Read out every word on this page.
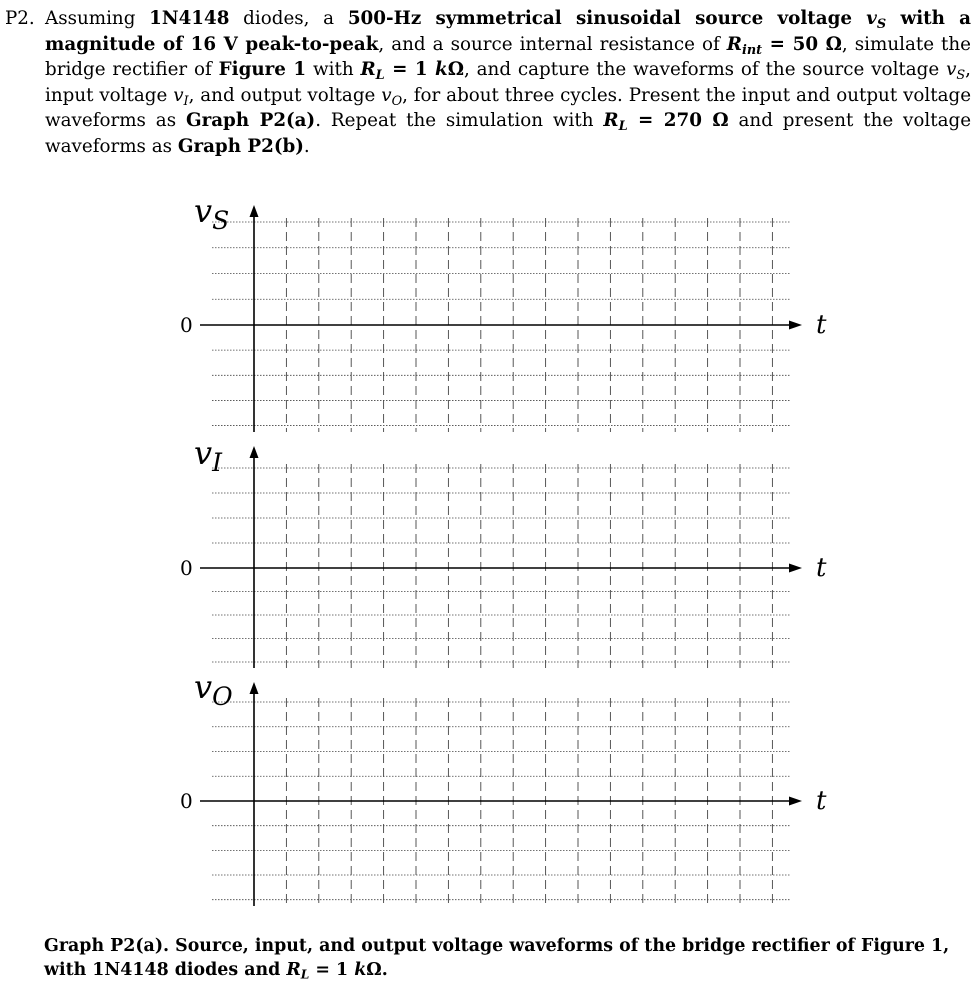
P2. Assuming 1N4148 diodes, a 500-Hz symmetrical sinusoidal source voltage $v_S$ with a magnitude of 16 V peak-to-peak, and a source internal resistance of $R_{int} = 50$ Ω, simulate the bridge rectifier of Figure 1 with $R_L = 1$ kΩ, and capture the waveforms of the source voltage $v_S$, input voltage $v_I$, and output voltage $v_O$, for about three cycles. Present the input and output voltage waveforms as Graph P2(a). Repeat the simulation with $R_L = 270$ Ω and present the voltage waveforms as Graph P2(b).
$v_S$
0	t
$v_I$
0	t
$v_O$
0	t
Graph P2(a). Source, input, and output voltage waveforms of the bridge rectifier of Figure 1, with 1N4148 diodes and $R_L = 1$ kΩ.
